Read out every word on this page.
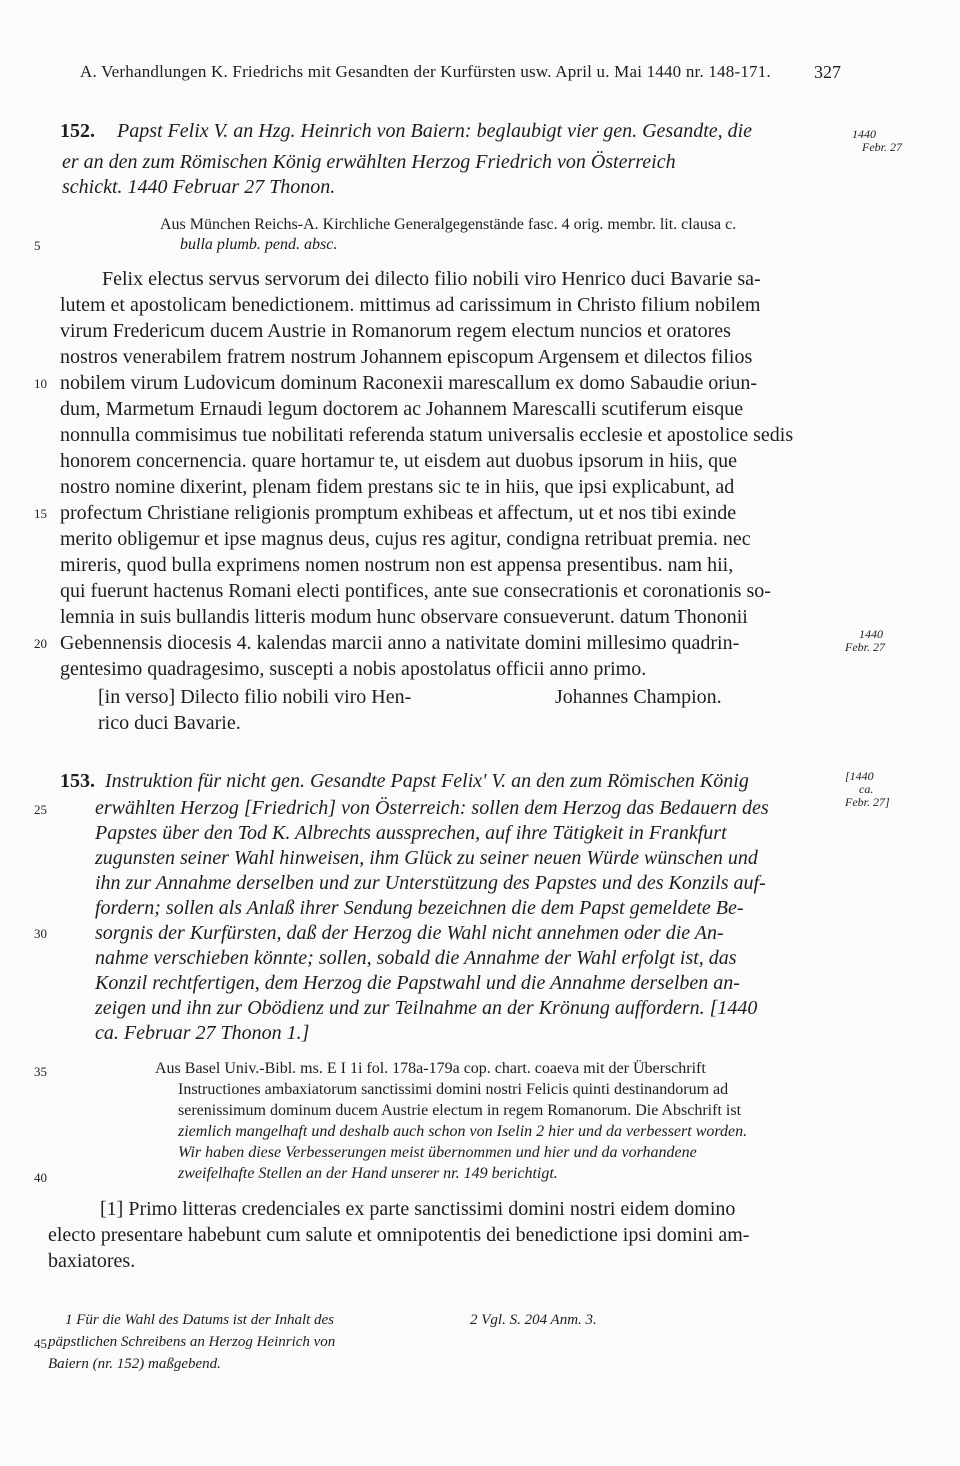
A. Verhandlungen K. Friedrichs mit Gesandten der Kurfürsten usw. April u. Mai 1440 nr. 148-171. 327
152. Papst Felix V. an Hzg. Heinrich von Baiern: beglaubigt vier gen. Gesandte, die
er an den zum Römischen König erwählten Herzog Friedrich von Österreich
schickt. 1440 Februar 27 Thonon.
1440
Febr. 27
Aus München Reichs-A. Kirchliche Generalgegenstände fasc. 4 orig. membr. lit. clausa c.
bulla plumb. pend. absc.
5
Felix electus servus servorum dei dilecto filio nobili viro Henrico duci Bavarie sa-
lutem et apostolicam benedictionem. mittimus ad carissimum in Christo filium nobilem
virum Fredericum ducem Austrie in Romanorum regem electum nuncios et oratores
nostros venerabilem fratrem nostrum Johannem episcopum Argensem et dilectos filios
10 nobilem virum Ludovicum dominum Raconexii marescallum ex domo Sabaudie oriun-
dum, Marmetum Ernaudi legum doctorem ac Johannem Marescalli scutiferum eisque
nonnulla commisimus tue nobilitati referenda statum universalis ecclesie et apostolice sedis
honorem concernencia. quare hortamur te, ut eisdem aut duobus ipsorum in hiis, que
nostro nomine dixerint, plenam fidem prestans sic te in hiis, que ipsi explicabunt, ad
15 profectum Christiane religionis promptum exhibeas et affectum, ut et nos tibi exinde
merito obligemur et ipse magnus deus, cujus res agitur, condigna retribuat premia. nec
mireris, quod bulla exprimens nomen nostrum non est appensa presentibus. nam hii,
qui fuerunt hactenus Romani electi pontifices, ante sue consecrationis et coronationis so-
lemnia in suis bullandis litteris modum hunc observare consueverunt. datum Thononii
20 Gebennensis diocesis 4. kalendas marcii anno a nativitate domini millesimo quadrin-
gentesimo quadragesimo, suscepti a nobis apostolatus officii anno primo.
1440
Febr. 27
[in verso] Dilecto filio nobili viro Hen-
rico duci Bavarie.
Johannes Champion.
153. Instruktion für nicht gen. Gesandte Papst Felix' V. an den zum Römischen König
25 erwählten Herzog [Friedrich] von Österreich: sollen dem Herzog das Bedauern des
Papstes über den Tod K. Albrechts aussprechen, auf ihre Tätigkeit in Frankfurt
zugunsten seiner Wahl hinweisen, ihm Glück zu seiner neuen Würde wünschen und
ihn zur Annahme derselben und zur Unterstützung des Papstes und des Konzils auf-
fordern; sollen als Anlaß ihrer Sendung bezeichnen die dem Papst gemeldete Be-
30 sorgnis der Kurfürsten, daß der Herzog die Wahl nicht annehmen oder die An-
nahme verschieben könnte; sollen, sobald die Annahme der Wahl erfolgt ist, das
Konzil rechtfertigen, dem Herzog die Papstwahl und die Annahme derselben an-
zeigen und ihn zur Obödienz und zur Teilnahme an der Krönung auffordern. [1440
ca. Februar 27 Thonon 1.]
[1440
ca.
Febr. 27]
35	Aus Basel Univ.-Bibl. ms. E I 1i fol. 178a-179a cop. chart. coaeva mit der Überschrift
Instructiones ambaxiatorum sanctissimi domini nostri Felicis quinti destinandorum ad
serenissimum dominum ducem Austrie electum in regem Romanorum. Die Abschrift ist
ziemlich mangelhaft und deshalb auch schon von Iselin 2 hier und da verbessert worden.
Wir haben diese Verbesserungen meist übernommen und hier und da vorhandene
40	zweifelhafte Stellen an der Hand unserer nr. 149 berichtigt.
[1] Primo litteras credenciales ex parte sanctissimi domini nostri eidem domino
electo presentare habebunt cum salute et omnipotentis dei benedictione ipsi domini am-
baxiatores.
1 Für die Wahl des Datums ist der Inhalt des
45 päpstlichen Schreibens an Herzog Heinrich von
Baiern (nr. 152) maßgebend.
2 Vgl. S. 204 Anm. 3.
